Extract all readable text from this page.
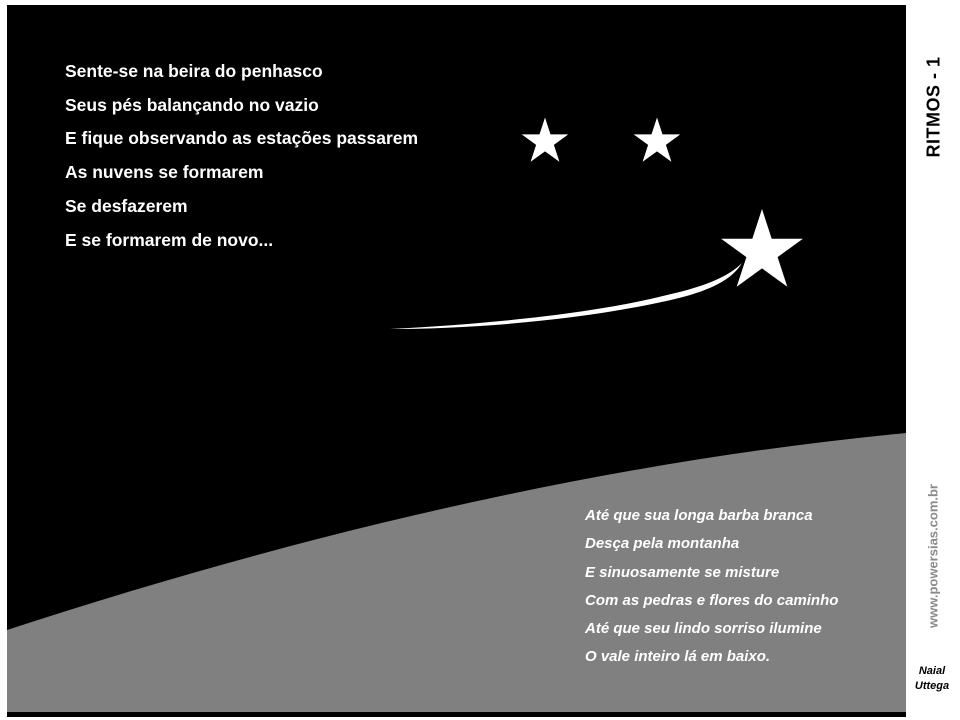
Sente-se na beira do penhasco
Seus pés balançando no vazio
E fique observando as estações passarem
As nuvens se formarem
Se desfazerem
E se formarem de novo...
Até que sua longa barba branca
Desça pela montanha
E sinuosamente se misture
Com as pedras e flores do caminho
Até que seu lindo sorriso ilumine
O vale inteiro lá em baixo.
RITMOS - 1
www.powersias.com.br
Naial
Uttega
